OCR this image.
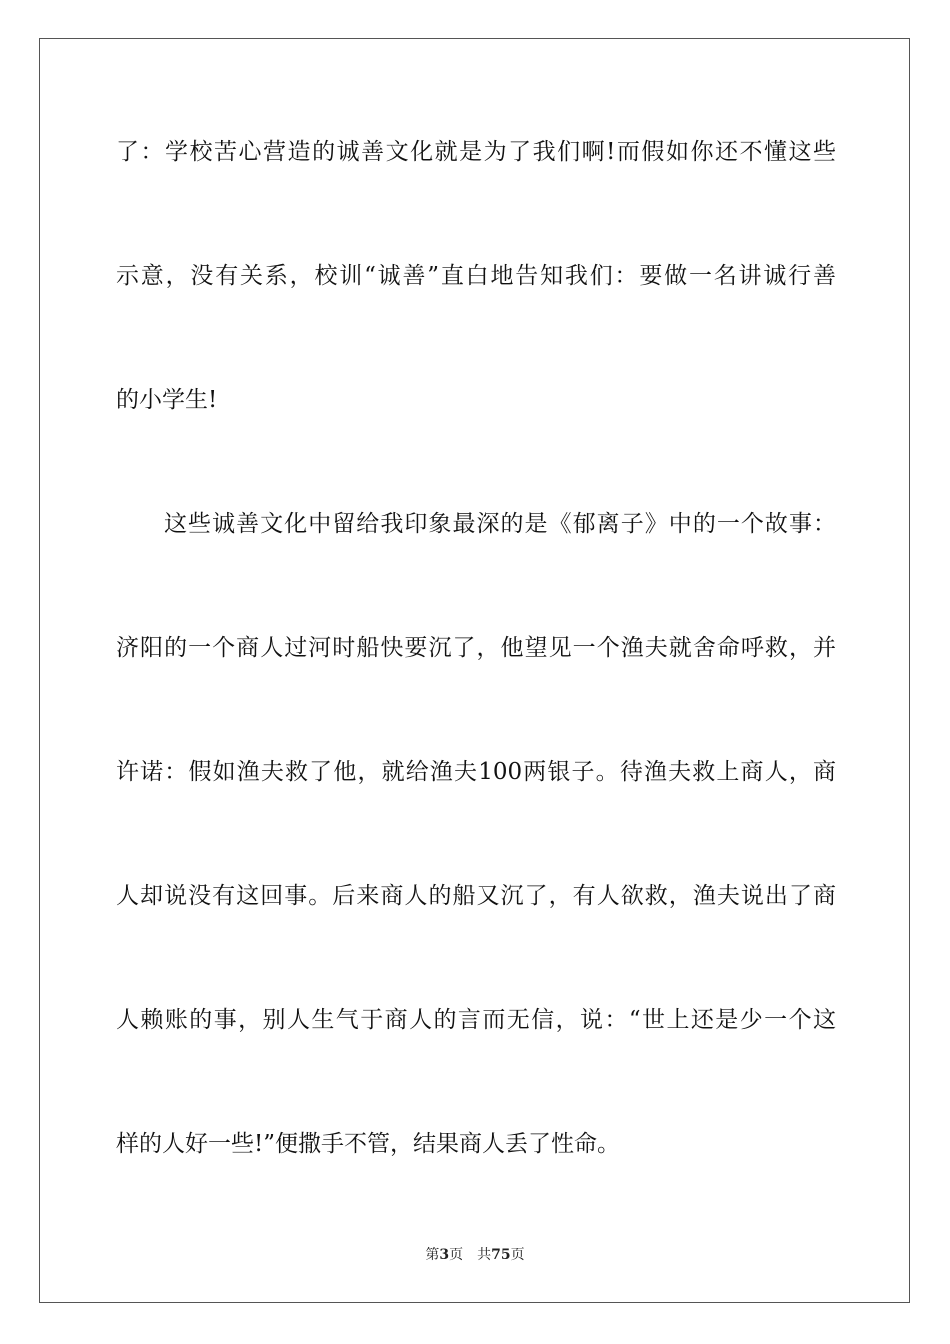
了：学校苦心营造的诚善文化就是为了我们啊!而假如你还不懂这些
示意，没有关系，校训“诚善”直白地告知我们：要做一名讲诚行善
的小学生!
这些诚善文化中留给我印象最深的是《郁离子》中的一个故事：
济阳的一个商人过河时船快要沉了，他望见一个渔夫就舍命呼救，并
许诺：假如渔夫救了他，就给渔夫100两银子。待渔夫救上商人，商
人却说没有这回事。后来商人的船又沉了，有人欲救，渔夫说出了商
人赖账的事，别人生气于商人的言而无信，说：“世上还是少一个这
样的人好一些!”便撒手不管，结果商人丢了性命。
第3页 共75页
